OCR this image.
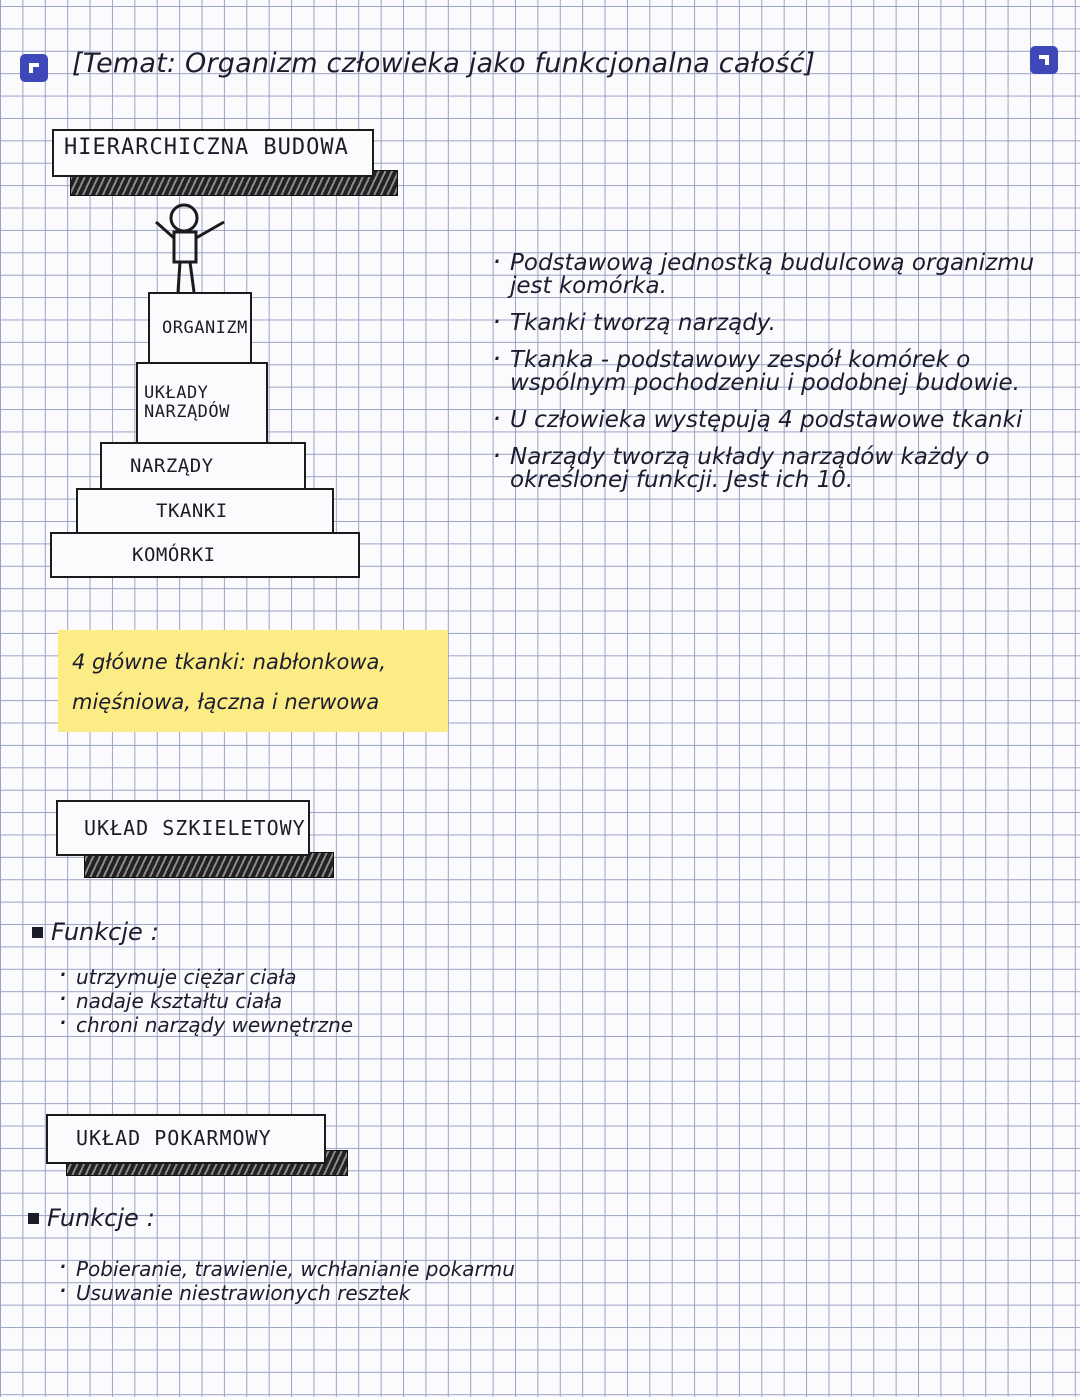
[Temat: Organizm człowieka jako funkcjonalna całość]
HIERARCHICZNA BUDOWA
ORGANIZM
UKŁADY NARZĄDÓW
NARZĄDY
TKANKI
KOMÓRKI
4 główne tkanki: nabłonkowa, mięśniowa, łączna i nerwowa
· Podstawową jednostką budulcową organizmu jest komórka.
· Tkanki tworzą narządy.
· Tkanka - podstawowy zespół komórek o wspólnym pochodzeniu i podobnej budowie.
· U człowieka występują 4 podstawowe tkanki
· Narządy tworzą układy narządów każdy o określonej funkcji. Jest ich 10.
UKŁAD SZKIELETOWY
Funkcje :
· utrzymuje ciężar ciała
· nadaje kształtu ciała
· chroni narządy wewnętrzne
UKŁAD POKARMOWY
Funkcje :
· Pobieranie, trawienie, wchłanianie pokarmu
· Usuwanie niestrawionych resztek
